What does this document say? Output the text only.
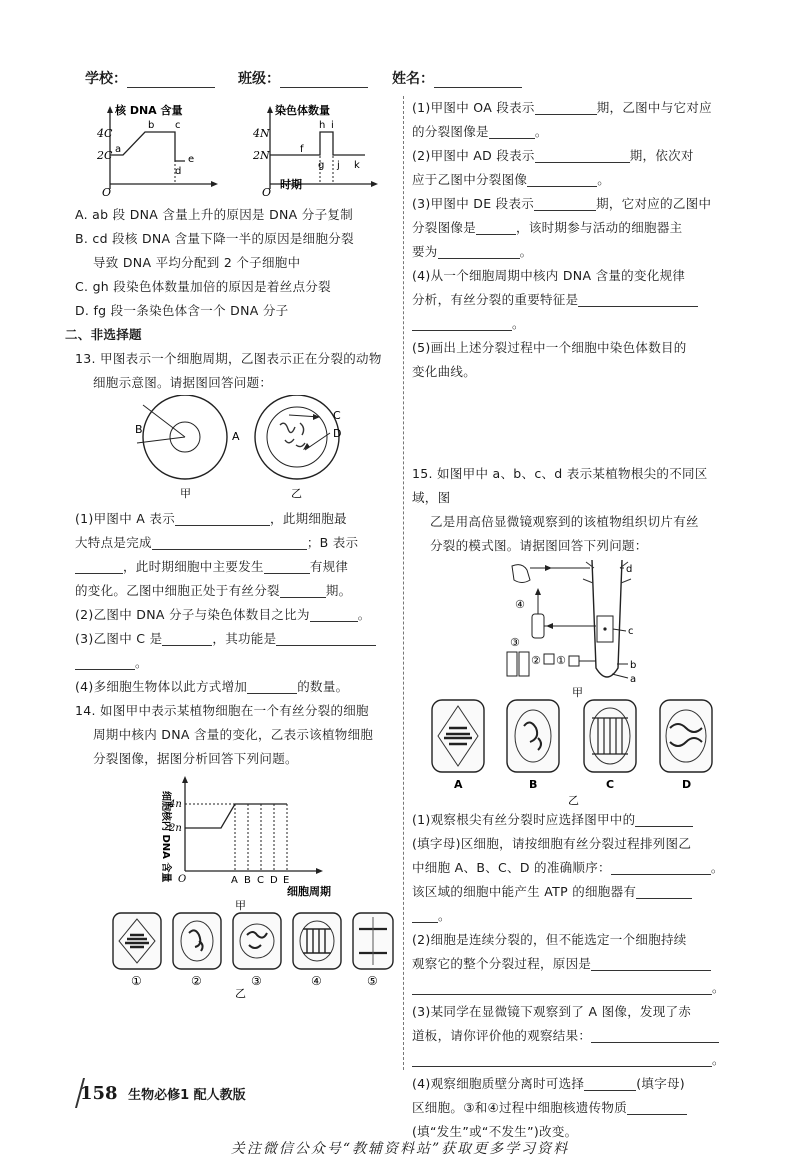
学校：	班级：	姓名：
核 DNA 含量
4C
2C
O
a
b c
d
e
染色体数量
4N
2N
O
时期
f
g
h i
j k

A. ab 段 DNA 含量上升的原因是 DNA 分子复制

B. cd 段核 DNA 含量下降一半的原因是细胞分裂

导致 DNA 平均分配到 2 个子细胞中

C. gh 段染色体数量加倍的原因是着丝点分裂

D. fg 段一条染色体含一个 DNA 分子

二、非选择题

13. 甲图表示一个细胞周期，乙图表示正在分裂的动物

细胞示意图。请据图回答问题：

B
A
甲
C
D
乙

(1)甲图中 A 表示	，此期细胞最

大特点是完成	；B 表示

，此时期细胞中主要发生	有规律

的变化。乙图中细胞正处于有丝分裂	期。

(2)乙图中 DNA 分子与染色体数目之比为	。

(3)乙图中 C 是	，其功能是

。

(4)多细胞生物体以此方式增加	的数量。

14. 如图甲中表示某植物细胞在一个有丝分裂的细胞

周期中核内 DNA 含量的变化，乙表示该植物细胞

分裂图像，据图分析回答下列问题。

细胞核内 DNA 含量
4n
2n
O	A B C D E
细胞周期
甲
①	②	③	④	⑤
乙

(1)甲图中 OA 段表示	期，乙图中与它对应

的分裂图像是	。

(2)甲图中 AD 段表示	期，依次对

应于乙图中分裂图像	。

(3)甲图中 DE 段表示	期，它对应的乙图中

分裂图像是	，该时期参与活动的细胞器主

要为	。

(4)从一个细胞周期中核内 DNA 含量的变化规律

分析，有丝分裂的重要特征是

。

(5)画出上述分裂过程中一个细胞中染色体数目的

变化曲线。

15. 如图甲中 a、b、c、d 表示某植物根尖的不同区域，图

乙是用高倍显微镜观察到的该植物组织切片有丝

分裂的模式图。请据图回答下列问题：

d
c
④
③
② ①	b
a
甲
A	B	C	D
乙

(1)观察根尖有丝分裂时应选择图甲中的

(填字母)区细胞，请按细胞有丝分裂过程排列图乙

中细胞 A、B、C、D 的准确顺序：	。

该区域的细胞中能产生 ATP 的细胞器有

。

(2)细胞是连续分裂的，但不能选定一个细胞持续

观察它的整个分裂过程，原因是

。

(3)某同学在显微镜下观察到了 A 图像，发现了赤

道板，请你评价他的观察结果：

。

(4)观察细胞质壁分离时可选择	(填字母)

区细胞。③和④过程中细胞核遗传物质

(填“发生”或“不发生”)改变。

158 生物必修1 配人教版
关注微信公众号“教辅资料站”获取更多学习资料
